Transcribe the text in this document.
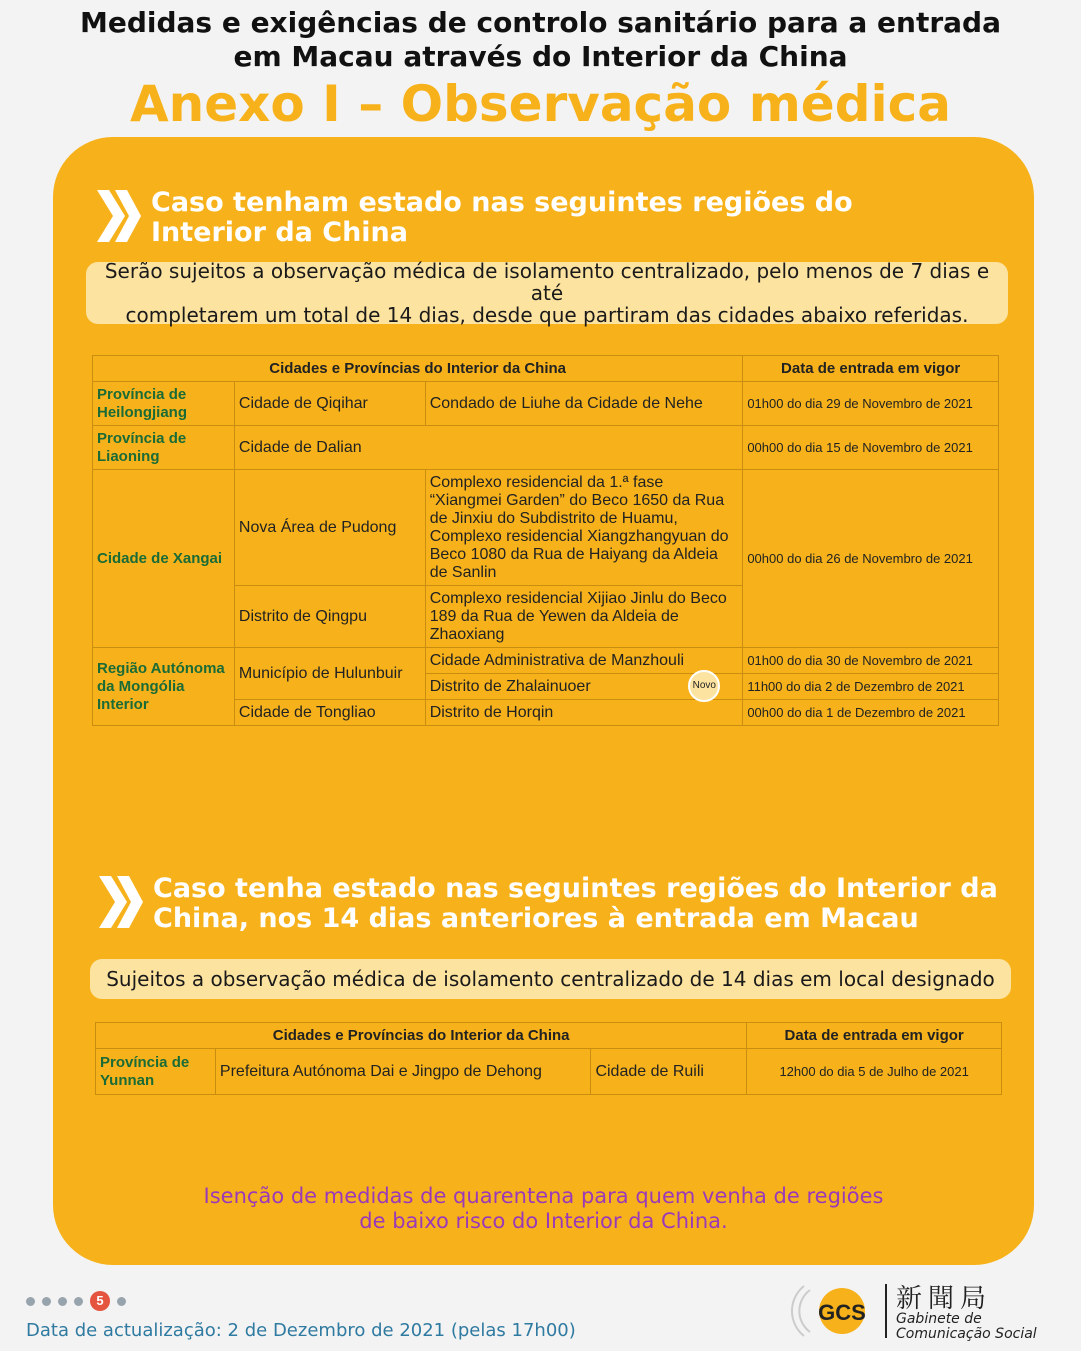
Medidas e exigências de controlo sanitário para a entrada
em Macau através do Interior da China
Anexo I – Observação médica
Caso tenham estado nas seguintes regiões do
Interior da China
Serão sujeitos a observação médica de isolamento centralizado, pelo menos de 7 dias e até
completarem um total de 14 dias, desde que partiram das cidades abaixo referidas.
Cidades e Províncias do Interior da China			Data de entrada em vigor
Província de Heilongjiang	Cidade de Qiqihar	Condado de Liuhe da Cidade de Nehe	01h00 do dia 29 de Novembro de 2021
Província de Liaoning	Cidade de Dalian		00h00 do dia 15 de Novembro de 2021
Cidade de Xangai	Nova Área de Pudong	Complexo residencial da 1.ª fase “Xiangmei Garden” do Beco 1650 da Rua de Jinxiu do Subdistrito de Huamu, Complexo residencial Xiangzhangyuan do Beco 1080 da Rua de Haiyang da Aldeia de Sanlin	00h00 do dia 26 de Novembro de 2021
	Distrito de Qingpu	Complexo residencial Xijiao Jinlu do Beco 189 da Rua de Yewen da Aldeia de Zhaoxiang	
Região Autónoma da Mongólia Interior	Município de Hulunbuir	Cidade Administrativa de Manzhouli	01h00 do dia 30 de Novembro de 2021
		Distrito de Zhalainuoer Novo	11h00 do dia 2 de Dezembro de 2021
	Cidade de Tongliao	Distrito de Horqin	00h00 do dia 1 de Dezembro de 2021
Caso tenha estado nas seguintes regiões do Interior da
China, nos 14 dias anteriores à entrada em Macau
Sujeitos a observação médica de isolamento centralizado de 14 dias em local designado
Cidades e Províncias do Interior da China			Data de entrada em vigor
Província de Yunnan	Prefeitura Autónoma Dai e Jingpo de Dehong	Cidade de Ruili	12h00 do dia 5 de Julho de 2021
Isenção de medidas de quarentena para quem venha de regiões
de baixo risco do Interior da China.
5
Data de actualização: 2 de Dezembro de 2021 (pelas 17h00)
GCS 新聞局
Gabinete de
Comunicação Social
